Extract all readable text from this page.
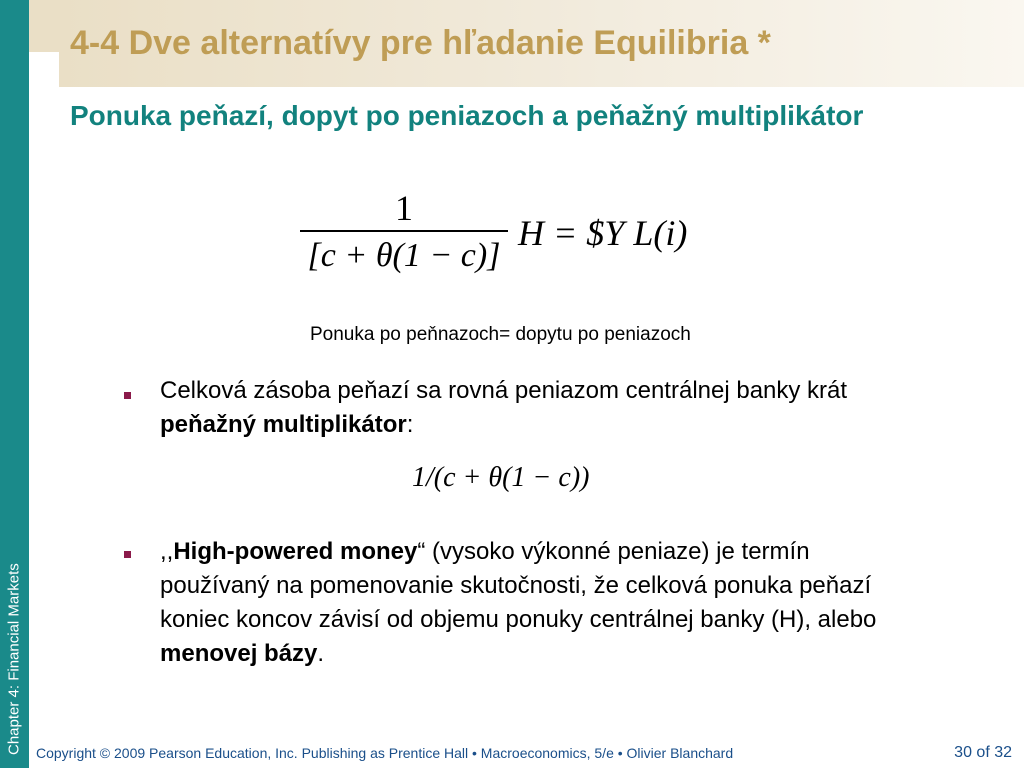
Chapter 4: Financial Markets
4-4 Dve alternatívy pre hľadanie Equilibria *
Ponuka peňazí, dopyt po peniazoch a peňažný multiplikátor
$\frac{1}{[c + \theta(1 - c)]}$ H = $Y L(i)
Ponuka po peňnazoch= dopytu po peniazoch
Celková zásoba peňazí sa rovná peniazom centrálnej banky krát peňažný multiplikátor:
1/(c + θ(1 − c))
,,High-powered money“ (vysoko výkonné peniaze) je termín používaný na pomenovanie skutočnosti, že celková ponuka peňazí koniec koncov závisí od objemu ponuky centrálnej banky (H), alebo menovej bázy.
Copyright © 2009 Pearson Education, Inc. Publishing as Prentice Hall • Macroeconomics, 5/e • Olivier Blanchard	30 of 32
